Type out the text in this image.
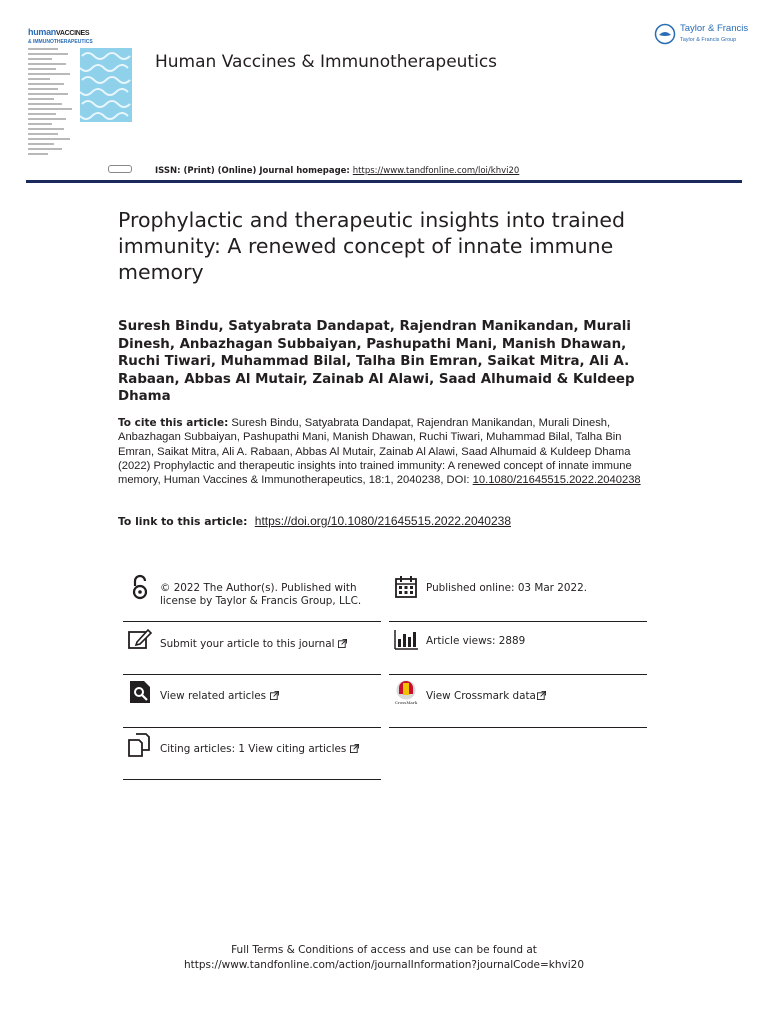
humanVACCINES
& IMMUNOTHERAPEUTICS
Human Vaccines & Immunotherapeutics
ISSN: (Print) (Online) Journal homepage: https://www.tandfonline.com/loi/khvi20
Taylor & Francis
Taylor & Francis Group
Prophylactic and therapeutic insights into trained immunity: A renewed concept of innate immune memory
Suresh Bindu, Satyabrata Dandapat, Rajendran Manikandan, Murali Dinesh, Anbazhagan Subbaiyan, Pashupathi Mani, Manish Dhawan, Ruchi Tiwari, Muhammad Bilal, Talha Bin Emran, Saikat Mitra, Ali A. Rabaan, Abbas Al Mutair, Zainab Al Alawi, Saad Alhumaid & Kuldeep Dhama
To cite this article: Suresh Bindu, Satyabrata Dandapat, Rajendran Manikandan, Murali Dinesh, Anbazhagan Subbaiyan, Pashupathi Mani, Manish Dhawan, Ruchi Tiwari, Muhammad Bilal, Talha Bin Emran, Saikat Mitra, Ali A. Rabaan, Abbas Al Mutair, Zainab Al Alawi, Saad Alhumaid & Kuldeep Dhama (2022) Prophylactic and therapeutic insights into trained immunity: A renewed concept of innate immune memory, Human Vaccines & Immunotherapeutics, 18:1, 2040238, DOI: 10.1080/21645515.2022.2040238
To link to this article: https://doi.org/10.1080/21645515.2022.2040238
© 2022 The Author(s). Published with
license by Taylor & Francis Group, LLC.
Published online: 03 Mar 2022.
Submit your article to this journal	Article views: 2889
View related articles
CrossMark
View Crossmark data
Citing articles: 1 View citing articles
Full Terms & Conditions of access and use can be found at
https://www.tandfonline.com/action/journalInformation?journalCode=khvi20
